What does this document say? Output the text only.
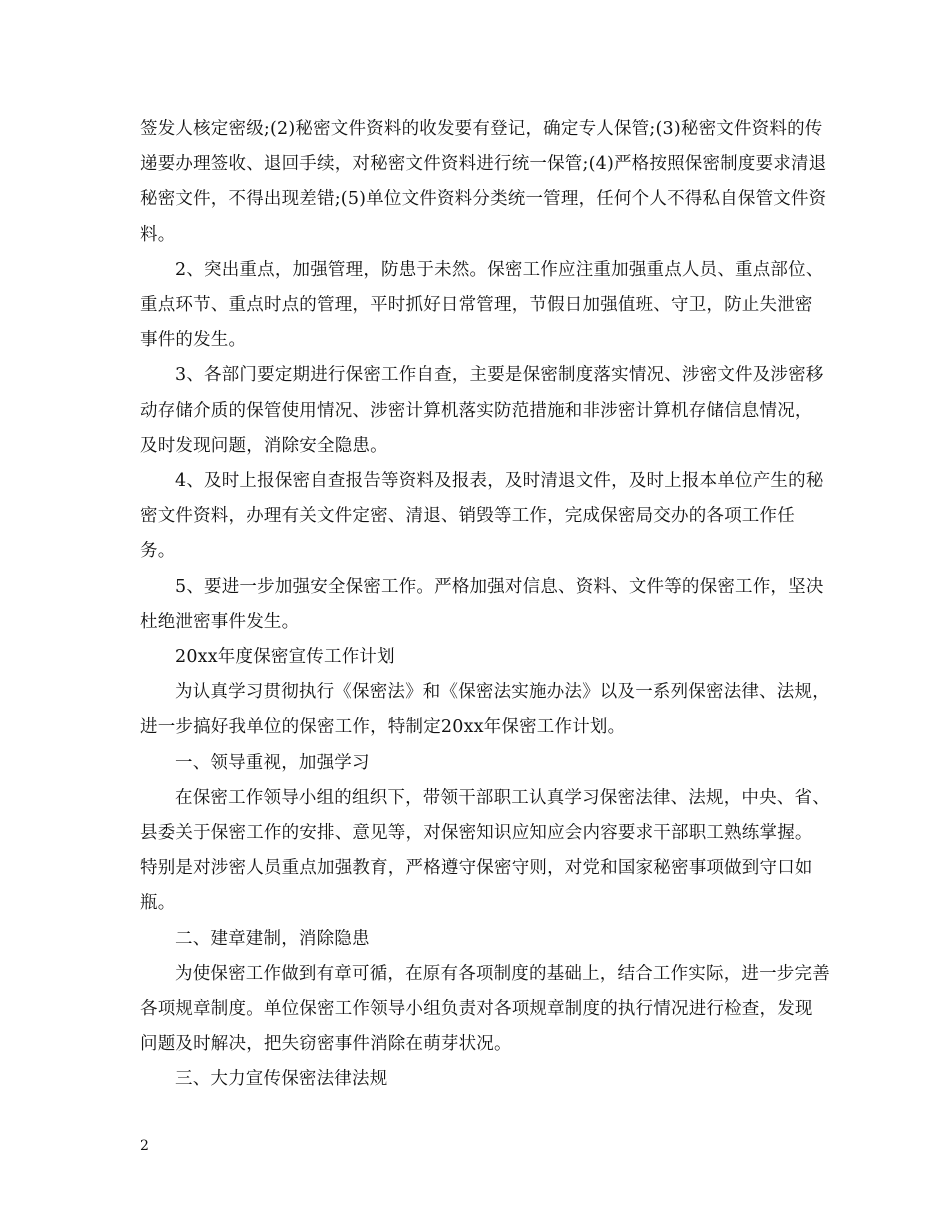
签发人核定密级;(2)秘密文件资料的收发要有登记，确定专人保管;(3)秘密文件资料的传递要办理签收、退回手续，对秘密文件资料进行统一保管;(4)严格按照保密制度要求清退秘密文件，不得出现差错;(5)单位文件资料分类统一管理，任何个人不得私自保管文件资料。

2、突出重点，加强管理，防患于未然。保密工作应注重加强重点人员、重点部位、重点环节、重点时点的管理，平时抓好日常管理，节假日加强值班、守卫，防止失泄密事件的发生。

3、各部门要定期进行保密工作自查，主要是保密制度落实情况、涉密文件及涉密移动存储介质的保管使用情况、涉密计算机落实防范措施和非涉密计算机存储信息情况，及时发现问题，消除安全隐患。

4、及时上报保密自查报告等资料及报表，及时清退文件，及时上报本单位产生的秘密文件资料，办理有关文件定密、清退、销毁等工作，完成保密局交办的各项工作任务。

5、要进一步加强安全保密工作。严格加强对信息、资料、文件等的保密工作，坚决杜绝泄密事件发生。

20xx年度保密宣传工作计划

为认真学习贯彻执行《保密法》和《保密法实施办法》以及一系列保密法律、法规，进一步搞好我单位的保密工作，特制定20xx年保密工作计划。

一、领导重视，加强学习

在保密工作领导小组的组织下，带领干部职工认真学习保密法律、法规，中央、省、县委关于保密工作的安排、意见等，对保密知识应知应会内容要求干部职工熟练掌握。特别是对涉密人员重点加强教育，严格遵守保密守则，对党和国家秘密事项做到守口如瓶。

二、建章建制，消除隐患

为使保密工作做到有章可循，在原有各项制度的基础上，结合工作实际，进一步完善各项规章制度。单位保密工作领导小组负责对各项规章制度的执行情况进行检查，发现问题及时解决，把失窃密事件消除在萌芽状况。

三、大力宣传保密法律法规

2
